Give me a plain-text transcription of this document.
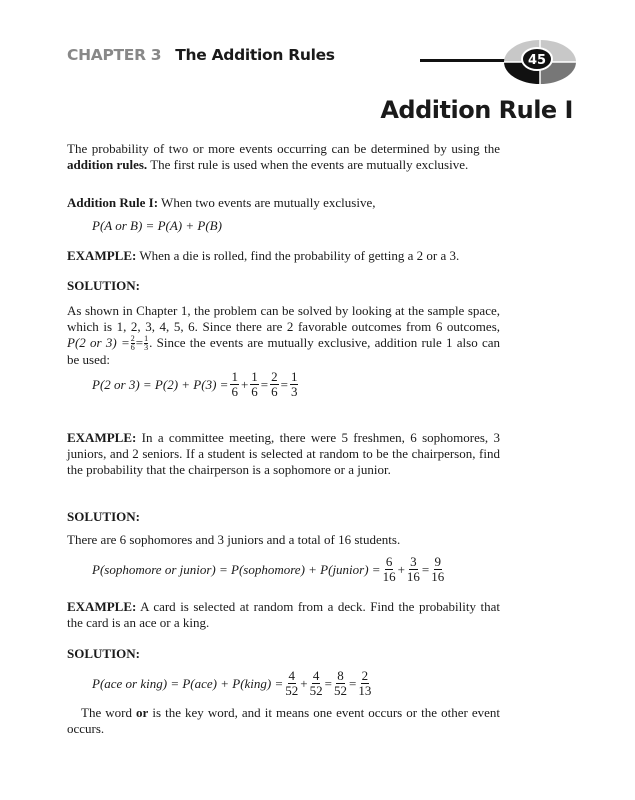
CHAPTER 3 The Addition Rules	45
Addition Rule I
The probability of two or more events occurring can be determined by using the addition rules. The first rule is used when the events are mutually exclusive.
Addition Rule I: When two events are mutually exclusive,
P(A or B) = P(A) + P(B)
EXAMPLE: When a die is rolled, find the probability of getting a 2 or a 3.
SOLUTION:
As shown in Chapter 1, the problem can be solved by looking at the sample space, which is 1, 2, 3, 4, 5, 6. Since there are 2 favorable outcomes from 6 outcomes, P(2 or $3) = \frac{2}{6} = \frac{1}{3}$ . Since the events are mutually exclusive, addition rule 1 also can be used:
P(2 or $3) = P(2) + P(3) = \frac{1}{6} + 1$
6 = 2
6 = 1
3
EXAMPLE: In a committee meeting, there were 5 freshmen, 6 sophomores, 3 juniors, and 2 seniors. If a student is selected at random to be the chairperson, find the probability that the chairperson is a sophomore or a junior.
SOLUTION:
There are 6 sophomores and 3 juniors and a total of 16 students.
P(sophomore or junior) = P(sophomore) + P(junior) = $\frac{6}{16} + 3$
16 = 9
16
EXAMPLE: A card is selected at random from a deck. Find the probability that the card is an ace or a king.
SOLUTION:
P(ace or king) = P(ace) + P(king) = $\frac{4}{52} + 4$
52 = 8
52 = 2
13
The word or is the key word, and it means one event occurs or the other event occurs.
